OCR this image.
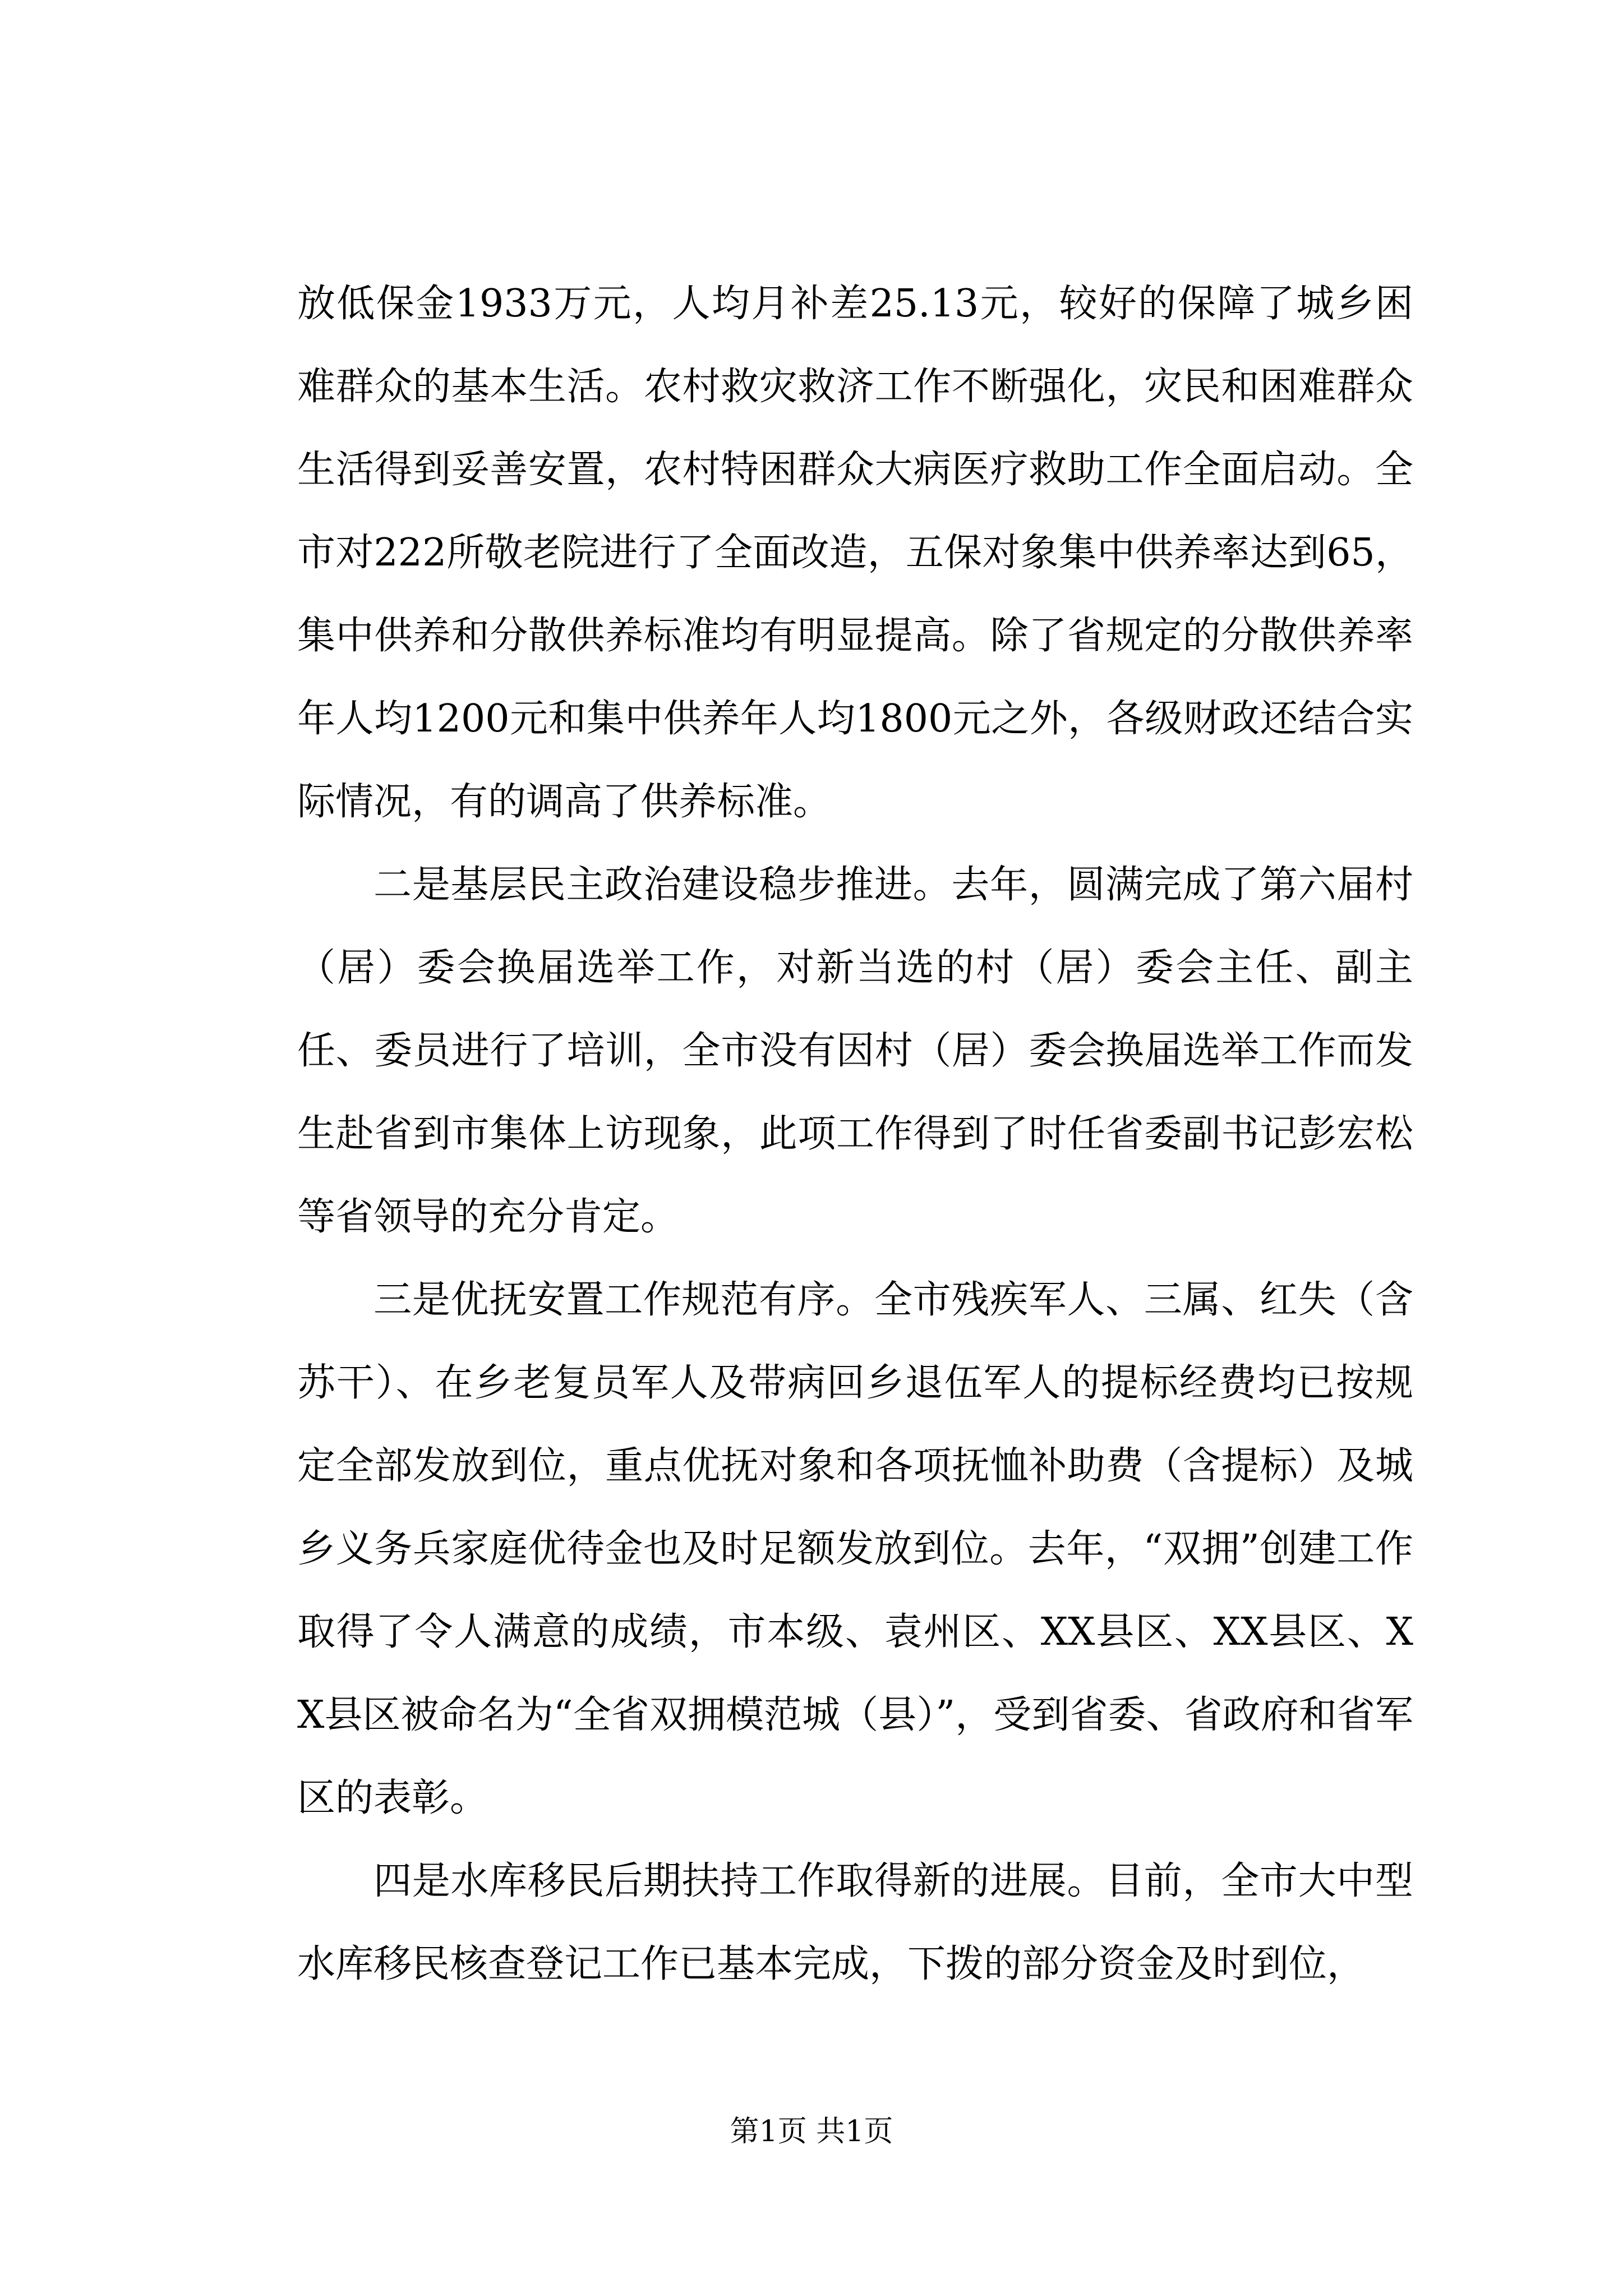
放低保金1933万元，人均月补差25.13元，较好的保障了城乡困难群众的基本生活。农村救灾救济工作不断强化，灾民和困难群众生活得到妥善安置，农村特困群众大病医疗救助工作全面启动。全市对222所敬老院进行了全面改造，五保对象集中供养率达到65，集中供养和分散供养标准均有明显提高。除了省规定的分散供养率年人均1200元和集中供养年人均1800元之外，各级财政还结合实际情况，有的调高了供养标准。

二是基层民主政治建设稳步推进。去年，圆满完成了第六届村（居）委会换届选举工作，对新当选的村（居）委会主任、副主任、委员进行了培训，全市没有因村（居）委会换届选举工作而发生赴省到市集体上访现象，此项工作得到了时任省委副书记彭宏松等省领导的充分肯定。

三是优抚安置工作规范有序。全市残疾军人、三属、红失（含苏干）、在乡老复员军人及带病回乡退伍军人的提标经费均已按规定全部发放到位，重点优抚对象和各项抚恤补助费（含提标）及城乡义务兵家庭优待金也及时足额发放到位。去年，“双拥”创建工作取得了令人满意的成绩，市本级、袁州区、XX县区、XX县区、XX县区被命名为“全省双拥模范城（县）”，受到省委、省政府和省军区的表彰。

四是水库移民后期扶持工作取得新的进展。目前，全市大中型水库移民核查登记工作已基本完成，下拨的部分资金及时到位，

第1页 共1页
